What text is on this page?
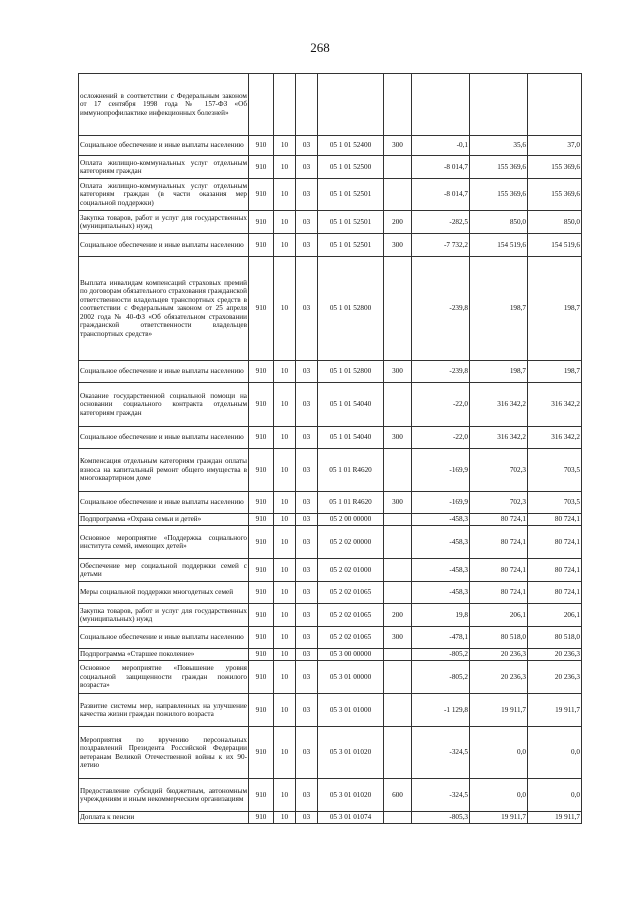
268
осложнений в соответствии с Федеральным законом от 17 сентября 1998 года № 157-ФЗ «Об иммунопрофилактике инфекционных болезней»								
Социальное обеспечение и иные выплаты населению	910	10	03	05 1 01 52400	300	-0,1	35,6	37,0
Оплата жилищно-коммунальных услуг отдельным категориям граждан	910	10	03	05 1 01 52500		-8 014,7	155 369,6	155 369,6
Оплата жилищно-коммунальных услуг отдельным категориям граждан (в части оказания мер социальной поддержки)	910	10	03	05 1 01 52501		-8 014,7	155 369,6	155 369,6
Закупка товаров, работ и услуг для государственных (муниципальных) нужд	910	10	03	05 1 01 52501	200	-282,5	850,0	850,0
Социальное обеспечение и иные выплаты населению	910	10	03	05 1 01 52501	300	-7 732,2	154 519,6	154 519,6
Выплата инвалидам компенсаций страховых премий по договорам обязательного страхования гражданской ответственности владельцев транспортных средств в соответствии с Федеральным законом от 25 апреля 2002 года № 40-ФЗ «Об обязательном страховании гражданской ответственности владельцев транспортных средств»	910	10	03	05 1 01 52800		-239,8	198,7	198,7
Социальное обеспечение и иные выплаты населению	910	10	03	05 1 01 52800	300	-239,8	198,7	198,7
Оказание государственной социальной помощи на основании социального контракта отдельным категориям граждан	910	10	03	05 1 01 54040		-22,0	316 342,2	316 342,2
Социальное обеспечение и иные выплаты населению	910	10	03	05 1 01 54040	300	-22,0	316 342,2	316 342,2
Компенсация отдельным категориям граждан оплаты взноса на капитальный ремонт общего имущества в многоквартирном доме	910	10	03	05 1 01 R4620		-169,9	702,3	703,5
Социальное обеспечение и иные выплаты населению	910	10	03	05 1 01 R4620	300	-169,9	702,3	703,5
Подпрограмма «Охрана семьи и детей»	910	10	03	05 2 00 00000		-458,3	80 724,1	80 724,1
Основное мероприятие «Поддержка социального института семей, имеющих детей»	910	10	03	05 2 02 00000		-458,3	80 724,1	80 724,1
Обеспечение мер социальной поддержки семей с детьми	910	10	03	05 2 02 01000		-458,3	80 724,1	80 724,1
Меры социальной поддержки многодетных семей	910	10	03	05 2 02 01065		-458,3	80 724,1	80 724,1
Закупка товаров, работ и услуг для государственных (муниципальных) нужд	910	10	03	05 2 02 01065	200	19,8	206,1	206,1
Социальное обеспечение и иные выплаты населению	910	10	03	05 2 02 01065	300	-478,1	80 518,0	80 518,0
Подпрограмма «Старшее поколение»	910	10	03	05 3 00 00000		-805,2	20 236,3	20 236,3
Основное мероприятие «Повышение уровня социальной защищенности граждан пожилого возраста»	910	10	03	05 3 01 00000		-805,2	20 236,3	20 236,3
Развитие системы мер, направленных на улучшение качества жизни граждан пожилого возраста	910	10	03	05 3 01 01000		-1 129,8	19 911,7	19 911,7
Мероприятия по вручению персональных поздравлений Президента Российской Федерации ветеранам Великой Отечественной войны к их 90-летию	910	10	03	05 3 01 01020		-324,5	0,0	0,0
Предоставление субсидий бюджетным, автономным учреждениям и иным некоммерческим организациям	910	10	03	05 3 01 01020	600	-324,5	0,0	0,0
Доплата к пенсии	910	10	03	05 3 01 01074		-805,3	19 911,7	19 911,7
